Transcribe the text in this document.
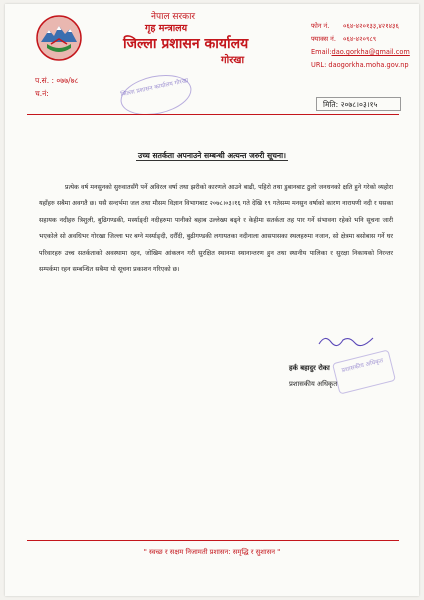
नेपाल सरकार
गृह मन्त्रालय
जिल्ला प्रशासन कार्यालय
गोरखा
फोन नं. ०६४-४२०१३३,४२१४३६
फ्याक्स नं. ०६४-४२०९८९
Email:dao.gorkha@gmail.com
URL: daogorkha.moha.gov.np
प.सं. : ०७७/७८
च.नं:	जिल्ला प्रशासन कार्यालय गोरखा
मिति: २०७८।०३।१५
उच्च सतर्कता अपनाउने सम्बन्धी अत्यन्त जरुरी सूचना।

प्रत्येक वर्ष मनसुनको सुरुवातसँगै पर्ने अविरल वर्षा तथा झरीको कारणले आउने बाढी, पहिरो तथा डुबानबाट ठुलो जनधनको क्षति हुने गरेको व्यहोरा यहाँहरु सबैमा अवगतै छ। यसै सन्दर्भमा जल तथा मौसम विज्ञान विभागबाट २०७८।०३।१६ गते देखि १९ गतेसम्म मनसुन वर्षाको कारण नारायणी नदी र यसका सहायक नदीहरु त्रिशुली, बुढिगण्डकी, मर्स्याङ्दी नदीहरुमा पानीको बहाब उल्लेख्य बढ्ने र केहीमा सतर्कता तह पार गर्ने संभावना रहेको भनि सूचना जारी भएकोले सो अवधिभर गोरखा जिल्ला भर बग्ने मर्स्याङ्दी, दरौँदी, बुढीगण्डकी लगायतका नदीनाला आसपासका स्थलहरुमा नजान, सो क्षेत्रमा बसोबास गर्ने घर परिवारहरु उच्च सतर्कताको अवस्थामा रहन, जोखिम आंकलन गरी सुरक्षित स्थानमा स्थानान्तरण हुन तथा स्थानीय पालिका र सुरक्षा निकायको निरन्तर सम्पर्कमा रहन सम्बन्धित सबैमा यो सूचना प्रकाशन गरिएको छ।

प्रशासकीय अधिकृत
हर्क बहादुर रोका
प्रशासकीय अधिकृत
" स्वच्छ र सक्षम निजामती प्रशासन: समृद्धि र सुशासन "
